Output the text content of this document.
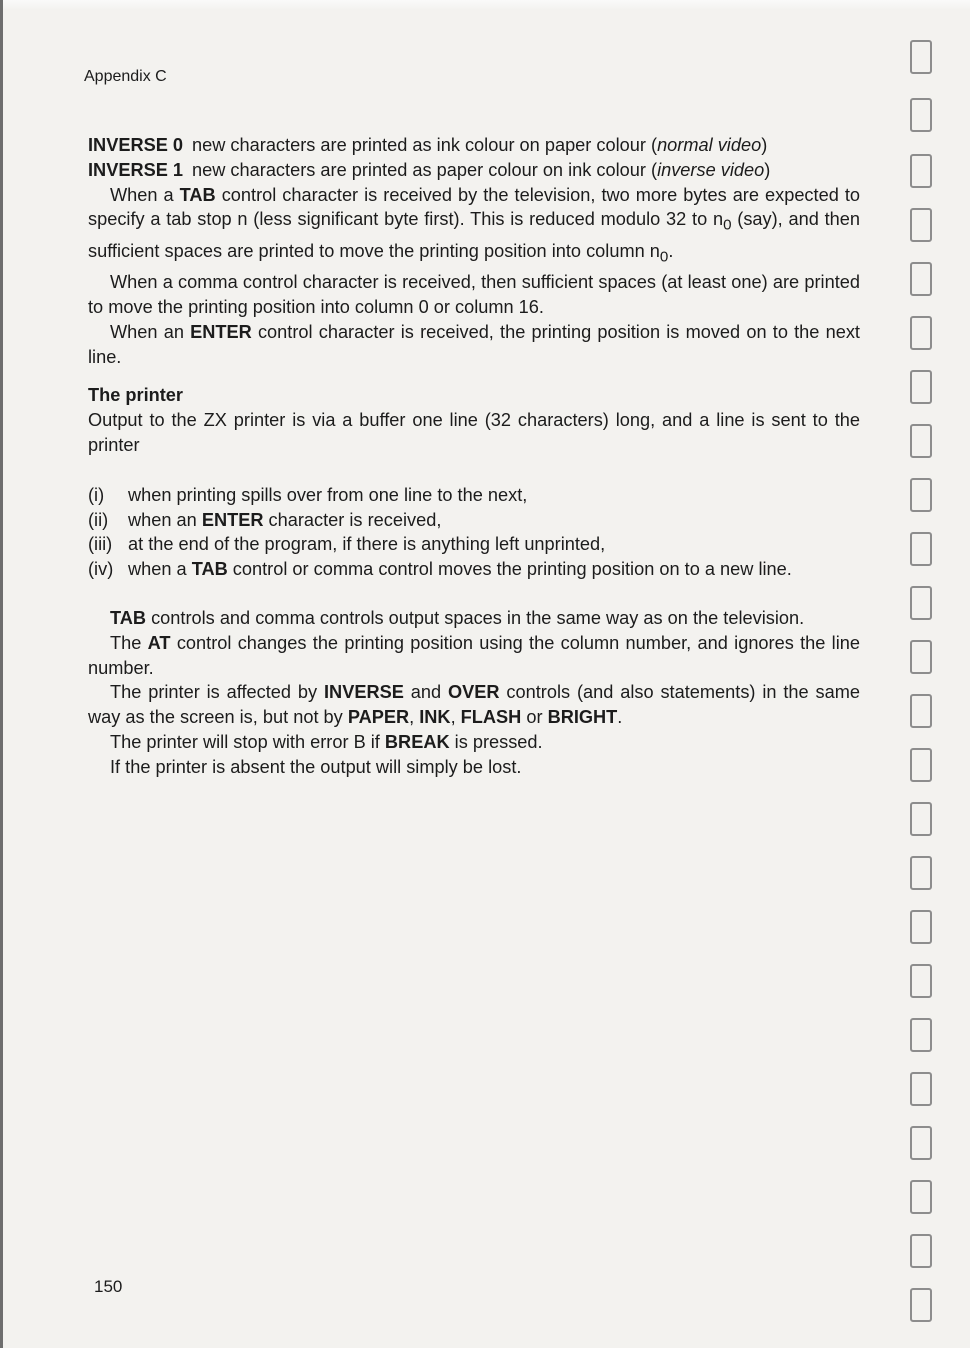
Appendix C
INVERSE 0 new characters are printed as ink colour on paper colour (normal video)
INVERSE 1 new characters are printed as paper colour on ink colour (inverse video)

When a TAB control character is received by the television, two more bytes are expected to specify a tab stop n (less significant byte first). This is reduced modulo 32 to $n_0$ (say), and then sufficient spaces are printed to move the printing position into column $n_0$.

When a comma control character is received, then sufficient spaces (at least one) are printed to move the printing position into column 0 or column 16.

When an ENTER control character is received, the printing position is moved on to the next line.

The printer

Output to the ZX printer is via a buffer one line (32 characters) long, and a line is sent to the printer

(i)	when printing spills over from one line to the next,
(ii)	when an ENTER character is received,
(iii) at the end of the program, if there is anything left unprinted,
(iv) when a TAB control or comma control moves the printing position on to a new line.

TAB controls and comma controls output spaces in the same way as on the television.

The AT control changes the printing position using the column number, and ignores the line number.

The printer is affected by INVERSE and OVER controls (and also statements) in the same way as the screen is, but not by PAPER, INK, FLASH or BRIGHT.

The printer will stop with error B if BREAK is pressed.

If the printer is absent the output will simply be lost.

150
